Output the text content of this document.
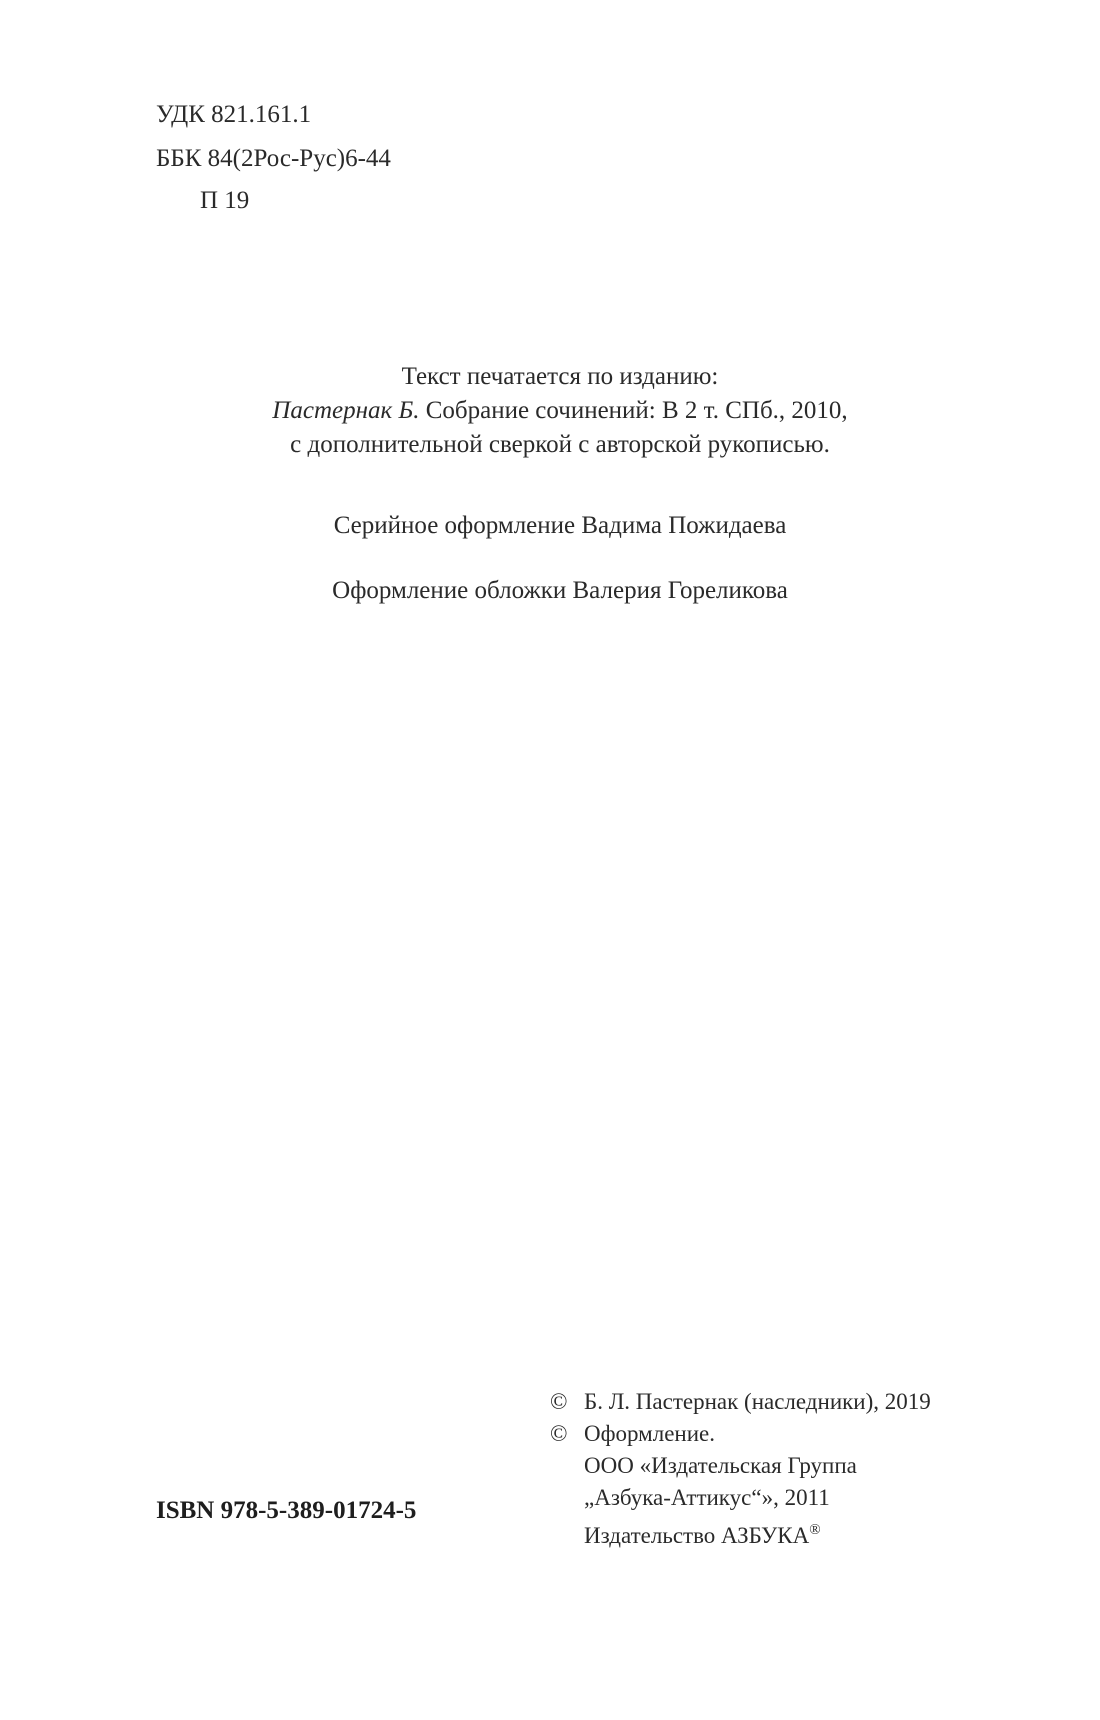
УДК 821.161.1
ББК 84(2Рос-Рус)6-44
П 19
Текст печатается по изданию:
Пастернак Б. Собрание сочинений: В 2 т. СПб., 2010,
с дополнительной сверкой с авторской рукописью.
Серийное оформление Вадима Пожидаева
Оформление обложки Валерия Гореликова
© Б. Л. Пастернак (наследники), 2019
© Оформление.
ООО «Издательская Группа
„Азбука-Аттикус“», 2011
Издательство АЗБУКА®
ISBN 978-5-389-01724-5
